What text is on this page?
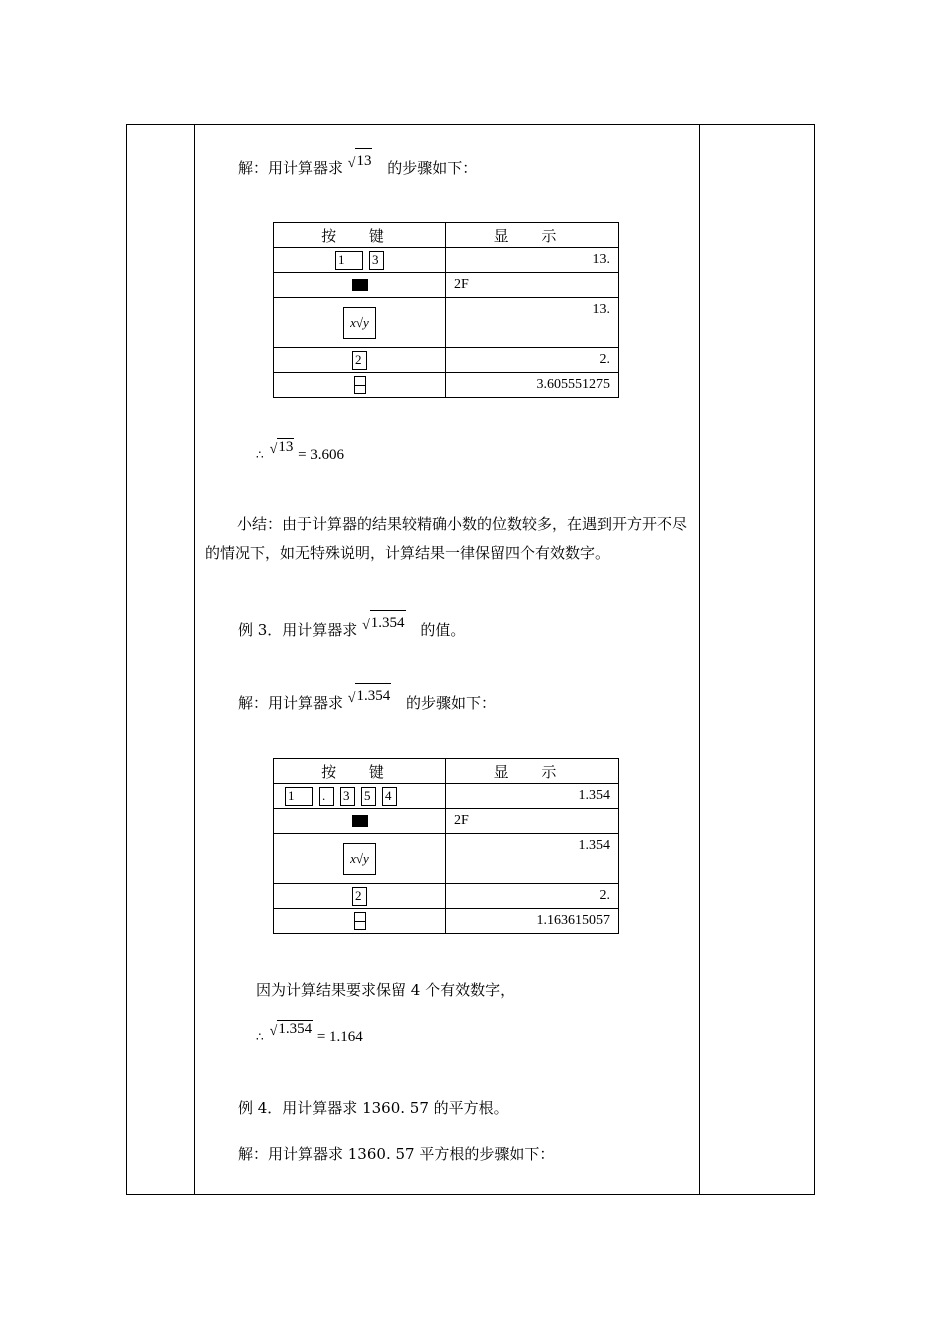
解：用计算器求 √13 的步骤如下：
按 键	显 示
1 3	13.
	2F
x√y	13.
2	2.
	3.605551275
∴ √13 = 3.606
小结：由于计算器的结果较精确小数的位数较多，在遇到开方开不尽的情况下，如无特殊说明，计算结果一律保留四个有效数字。
例 3．用计算器求 √1.354 的值。
解：用计算器求 √1.354 的步骤如下：
按 键	显 示
1 . 3 5 4	1.354
	2F
x√y	1.354
2	2.
	1.163615057
因为计算结果要求保留 4 个有效数字，
∴ √1.354 = 1.164
例 4．用计算器求 1360. 57 的平方根。
解：用计算器求 1360. 57 平方根的步骤如下：
